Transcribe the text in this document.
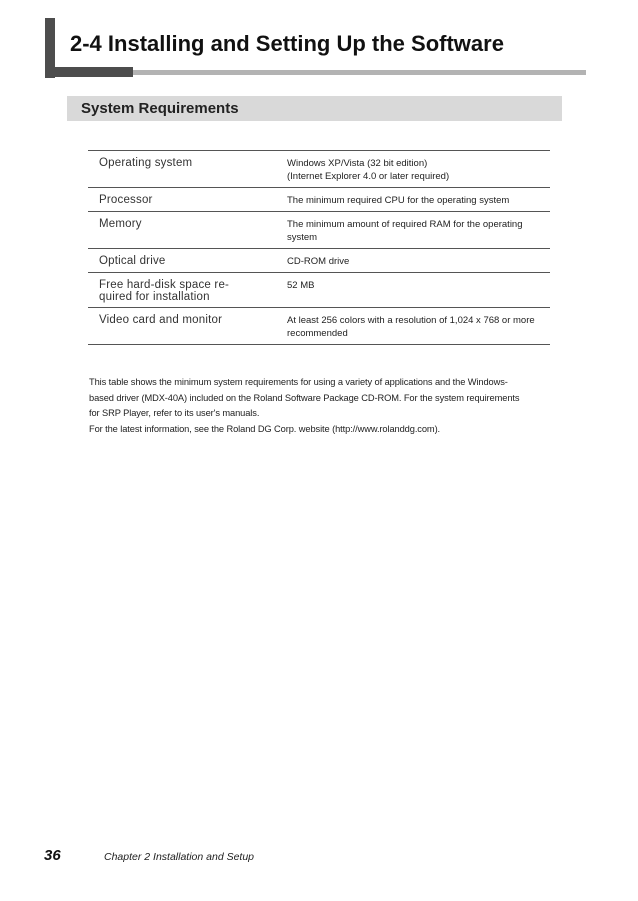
2-4 Installing and Setting Up the Software
System Requirements
Operating system	Windows XP/Vista (32 bit edition)
(Internet Explorer 4.0 or later required)

Processor	The minimum required CPU for the operating system

Memory	The minimum amount of required RAM for the operating
system

Optical drive	CD-ROM drive

Free hard-disk space re-
quired for installation	52 MB

Video card and monitor	At least 256 colors with a resolution of 1,024 x 768 or more
recommended

This table shows the minimum system requirements for using a variety of applications and the Windows-
based driver (MDX-40A) included on the Roland Software Package CD-ROM. For the system requirements
for SRP Player, refer to its user's manuals.
For the latest information, see the Roland DG Corp. website (http://www.rolanddg.com).

36	Chapter 2 Installation and Setup
